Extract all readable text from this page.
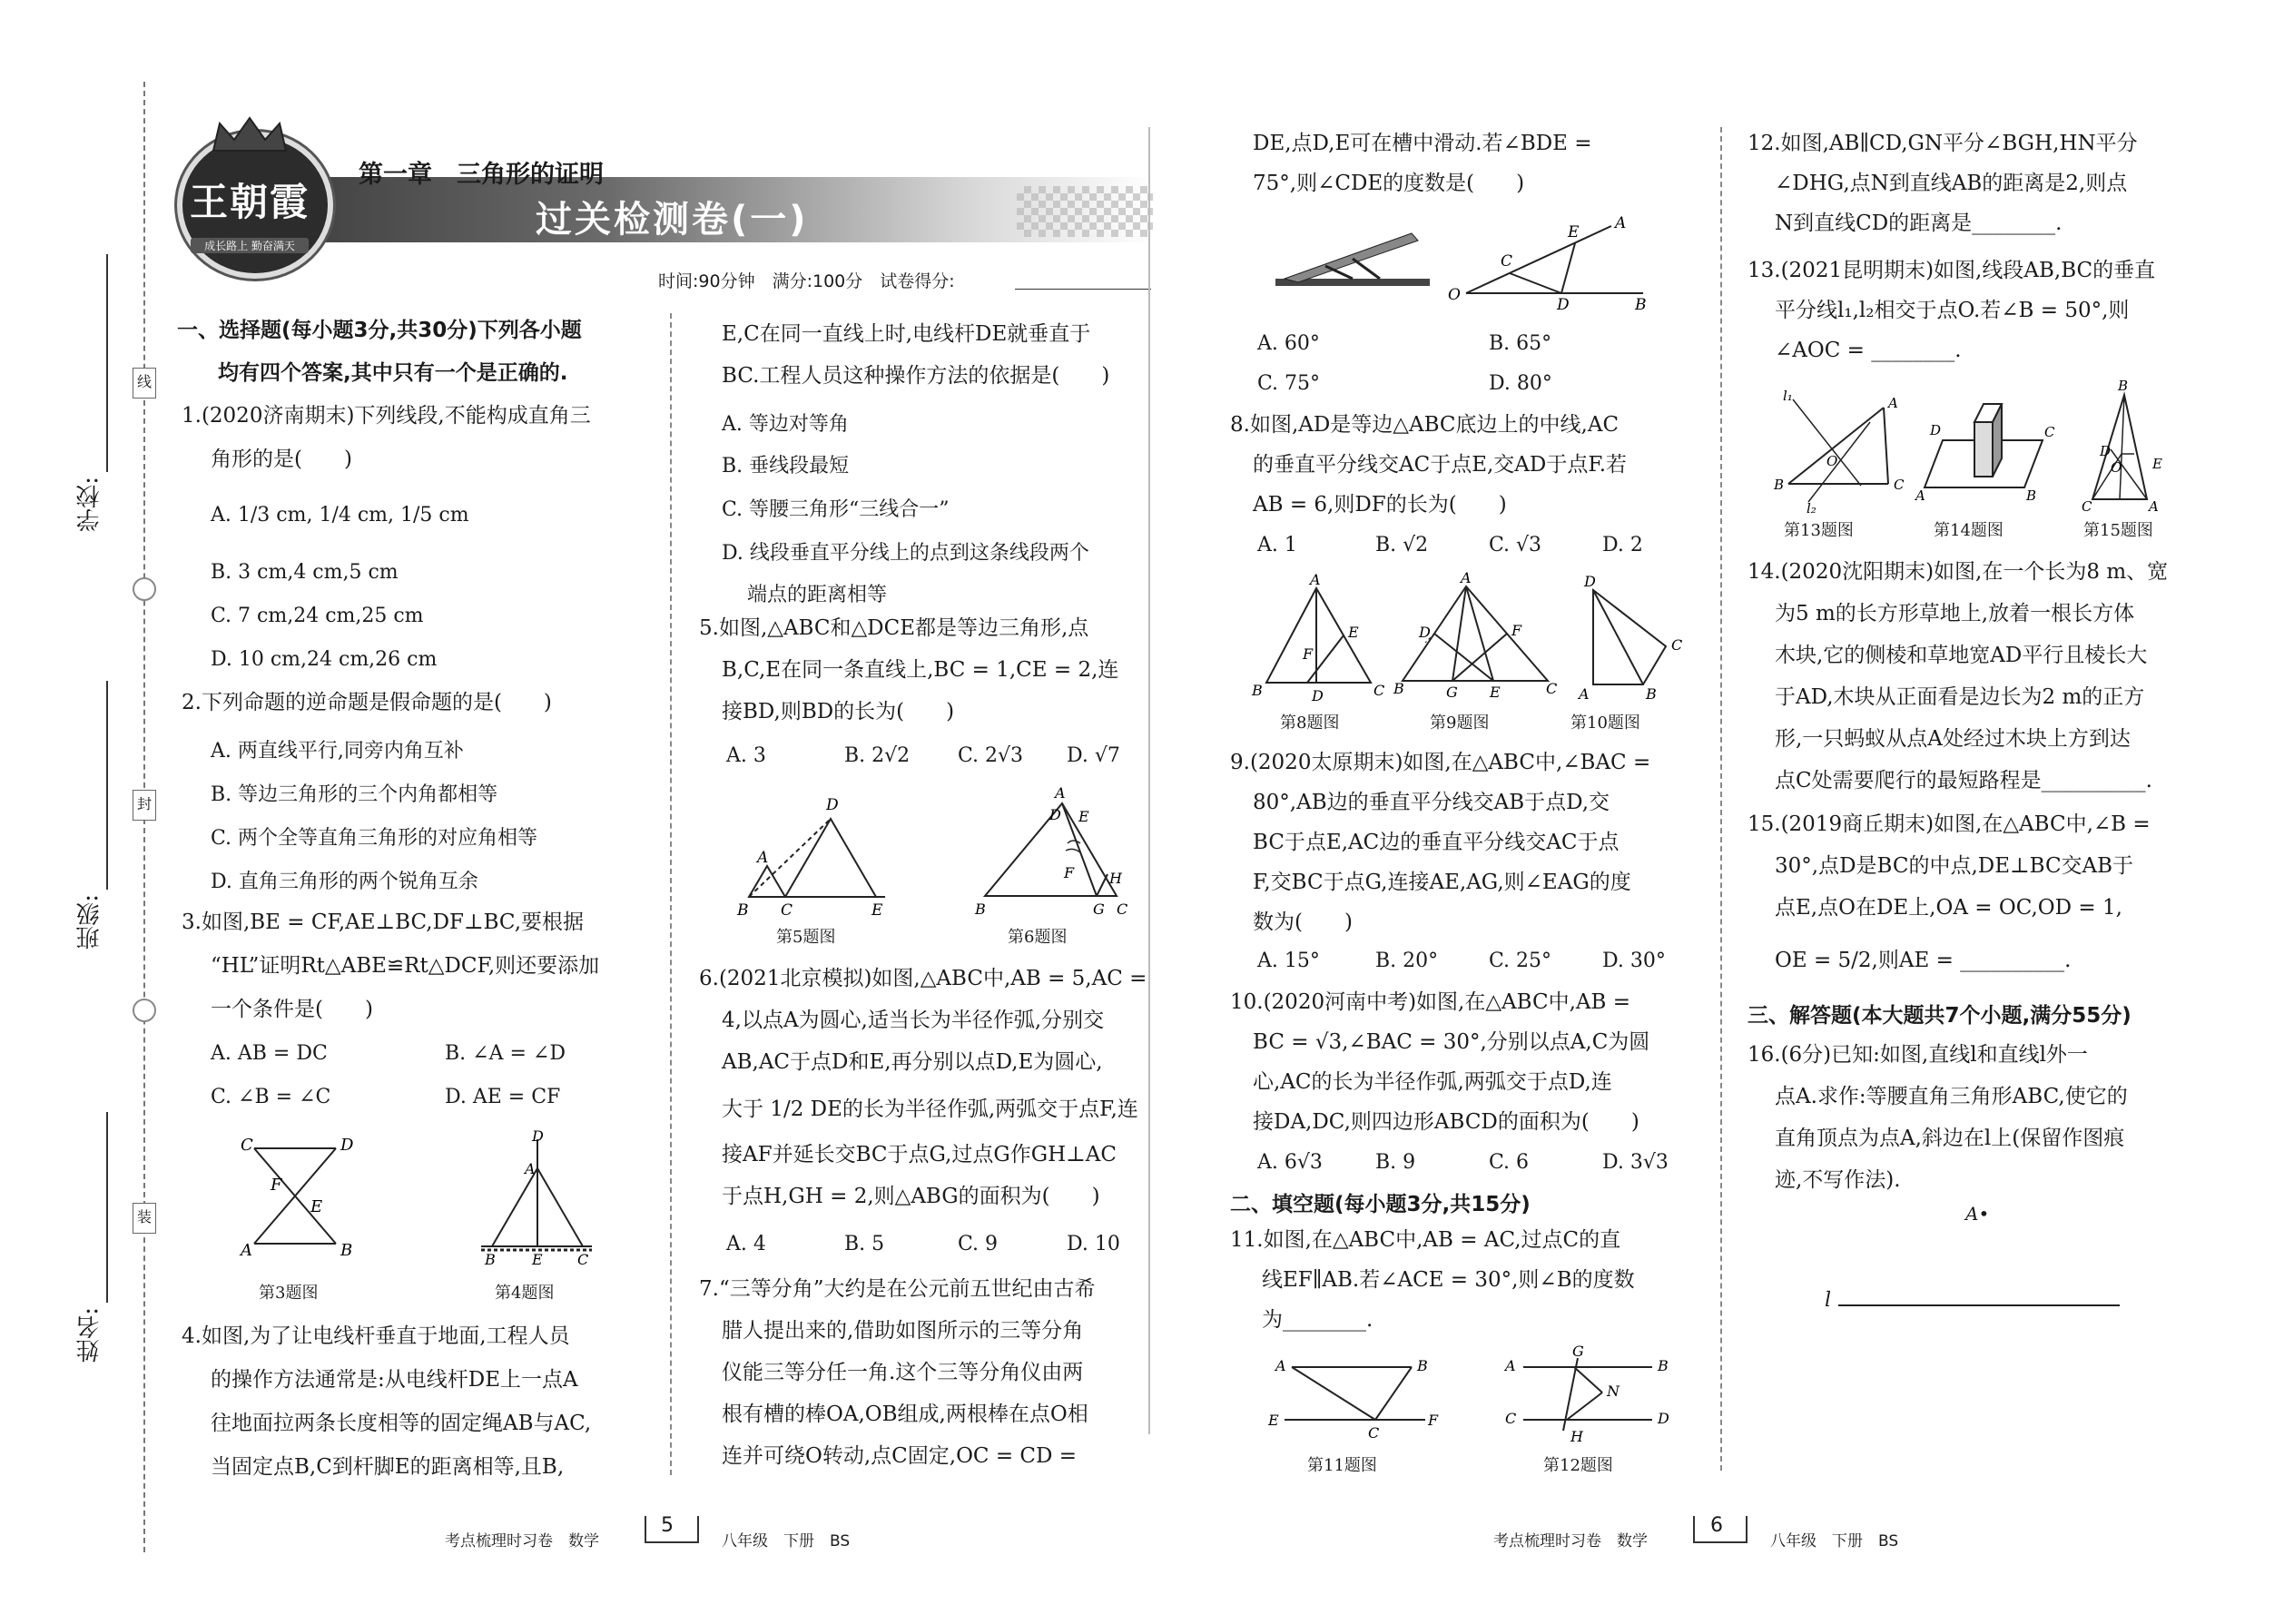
线
封
装
学校:
班级:
姓名:
王朝霞
成长路上 勤奋满天
第一章　三角形的证明
过关检测卷(一)
时间:90分钟　满分:100分　试卷得分:
一、选择题(每小题3分,共30分)下列各小题
均有四个答案,其中只有一个是正确的.
1.(2020济南期末)下列线段,不能构成直角三
角形的是(　　)
A. 1/3 cm, 1/4 cm, 1/5 cm
B. 3 cm,4 cm,5 cm
C. 7 cm,24 cm,25 cm
D. 10 cm,24 cm,26 cm
2.下列命题的逆命题是假命题的是(　　)
A. 两直线平行,同旁内角互补
B. 等边三角形的三个内角都相等
C. 两个全等直角三角形的对应角相等
D. 直角三角形的两个锐角互余
3.如图,BE = CF,AE⊥BC,DF⊥BC,要根据
“HL”证明Rt△ABE≌Rt△DCF,则还要添加
一个条件是(　　)
A. AB = DC	B. ∠A = ∠D
C. ∠B = ∠C	D. AE = CF
C	D
F
E
A	B
D
A
B	E C
第3题图	第4题图
4.如图,为了让电线杆垂直于地面,工程人员
的操作方法通常是:从电线杆DE上一点A
往地面拉两条长度相等的固定绳AB与AC,
当固定点B,C到杆脚E的距离相等,且B,
E,C在同一直线上时,电线杆DE就垂直于
BC.工程人员这种操作方法的依据是(　　)
A. 等边对等角
B. 垂线段最短
C. 等腰三角形“三线合一”
D. 线段垂直平分线上的点到这条线段两个
端点的距离相等
5.如图,△ABC和△DCE都是等边三角形,点
B,C,E在同一条直线上,BC = 1,CE = 2,连
接BD,则BD的长为(　　)
A. 3	B. 2√2 C. 2√3 D. √7
D
A
B C	E
A
D E
F H
B	G C
第5题图	第6题图
6.(2021北京模拟)如图,△ABC中,AB = 5,AC =
4,以点A为圆心,适当长为半径作弧,分别交
AB,AC于点D和E,再分别以点D,E为圆心,
大于 1/2 DE的长为半径作弧,两弧交于点F,连
接AF并延长交BC于点G,过点G作GH⊥AC
于点H,GH = 2,则△ABG的面积为(　　)
A. 4	B. 5	C. 9	D. 10
7.“三等分角”大约是在公元前五世纪由古希
腊人提出来的,借助如图所示的三等分角
仪能三等分任一角.这个三等分角仪由两
根有槽的棒OA,OB组成,两根棒在点O相
连并可绕O转动,点C固定,OC = CD =
DE,点D,E可在槽中滑动.若∠BDE =
75°,则∠CDE的度数是(　　)
O
C
D
E A
B
A. 60°	B. 65°
C. 75°	D. 80°
8.如图,AD是等边△ABC底边上的中线,AC
的垂直平分线交AC于点E,交AD于点F.若
AB = 6,则DF的长为(　　)
A. 1	B. √2	C. √3	D. 2
A
E
F
B	D	C
A
D	F
B	G E	C
D
C
A	B
第8题图	第9题图	第10题图
9.(2020太原期末)如图,在△ABC中,∠BAC =
80°,AB边的垂直平分线交AB于点D,交
BC于点E,AC边的垂直平分线交AC于点
F,交BC于点G,连接AE,AG,则∠EAG的度
数为(　　)
A. 15°	B. 20°	C. 25°	D. 30°
10.(2020河南中考)如图,在△ABC中,AB =
BC = √3,∠BAC = 30°,分别以点A,C为圆
心,AC的长为半径作弧,两弧交于点D,连
接DA,DC,则四边形ABCD的面积为(　　)
A. 6√3	B. 9	C. 6	D. 3√3
二、填空题(每小题3分,共15分)
11.如图,在△ABC中,AB = AC,过点C的直
线EF∥AB.若∠ACE = 30°,则∠B的度数
为________.
A	B
E
C
F
A	B
C	D
G
N
H
第11题图	第12题图
12.如图,AB∥CD,GN平分∠BGH,HN平分
∠DHG,点N到直线AB的距离是2,则点
N到直线CD的距离是________.
13.(2021昆明期末)如图,线段AB,BC的垂直
平分线l₁,l₂相交于点O.若∠B = 50°,则
∠AOC = ________.
l₁	A
B
O
C
l₂
D	C
A	B
B
D
O E
C	A
第13题图	第14题图	第15题图
14.(2020沈阳期末)如图,在一个长为8 m、宽
为5 m的长方形草地上,放着一根长方体
木块,它的侧棱和草地宽AD平行且棱长大
于AD,木块从正面看是边长为2 m的正方
形,一只蚂蚁从点A处经过木块上方到达
点C处需要爬行的最短路程是__________.
15.(2019商丘期末)如图,在△ABC中,∠B =
30°,点D是BC的中点,DE⊥BC交AB于
点E,点O在DE上,OA = OC,OD = 1,
OE = 5/2,则AE = __________.
三、解答题(本大题共7个小题,满分55分)
16.(6分)已知:如图,直线l和直线l外一
点A.求作:等腰直角三角形ABC,使它的
直角顶点为点A,斜边在l上(保留作图痕
迹,不写作法).
A•
l
考点梳理时习卷　数学
5
八年级　下册　BS	考点梳理时习卷　数学
6
八年级　下册　BS
